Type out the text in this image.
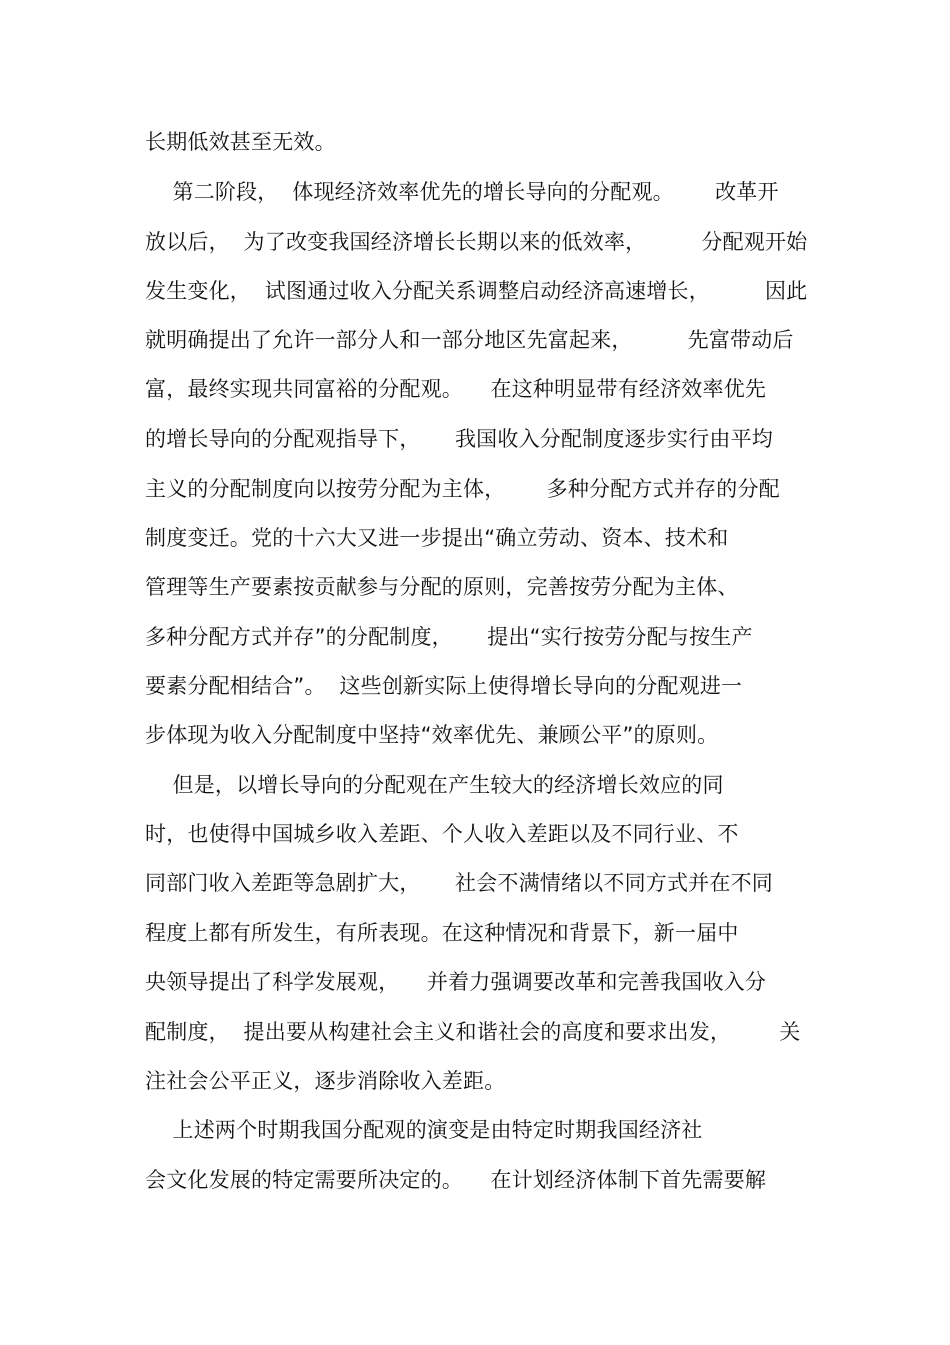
长期低效甚至无效。
第二阶段，  体现经济效率优先的增长导向的分配观。      改革开
放以后，  为了改变我国经济增长长期以来的低效率，        分配观开始
发生变化，  试图通过收入分配关系调整启动经济高速增长，        因此
就明确提出了允许一部分人和一部分地区先富起来，        先富带动后
富，最终实现共同富裕的分配观。    在这种明显带有经济效率优先
的增长导向的分配观指导下，     我国收入分配制度逐步实行由平均
主义的分配制度向以按劳分配为主体，      多种分配方式并存的分配
制度变迁。党的十六大又进一步提出“确立劳动、资本、技术和
管理等生产要素按贡献参与分配的原则，完善按劳分配为主体、
多种分配方式并存”的分配制度，     提出“实行按劳分配与按生产
要素分配相结合”。  这些创新实际上使得增长导向的分配观进一
步体现为收入分配制度中坚持“效率优先、兼顾公平”的原则。
但是，以增长导向的分配观在产生较大的经济增长效应的同
时，也使得中国城乡收入差距、个人收入差距以及不同行业、不
同部门收入差距等急剧扩大，     社会不满情绪以不同方式并在不同
程度上都有所发生，有所表现。在这种情况和背景下，新一届中
央领导提出了科学发展观，    并着力强调要改革和完善我国收入分
配制度，  提出要从构建社会主义和谐社会的高度和要求出发，       关
注社会公平正义，逐步消除收入差距。
上述两个时期我国分配观的演变是由特定时期我国经济社
会文化发展的特定需要所决定的。    在计划经济体制下首先需要解
